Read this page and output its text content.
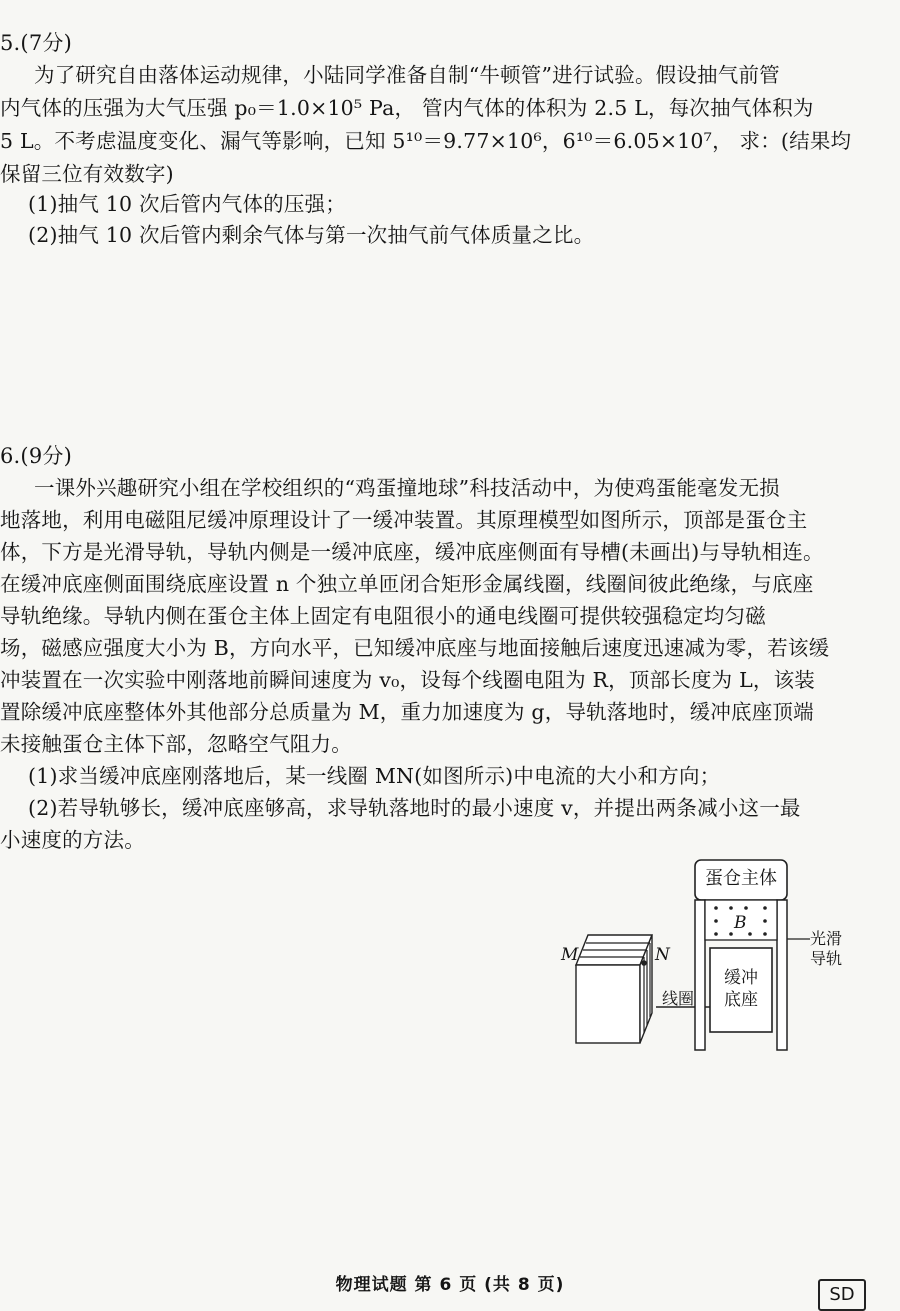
5.(7分)
为了研究自由落体运动规律，小陆同学准备自制“牛顿管”进行试验。假设抽气前管
内气体的压强为大气压强 p₀＝1.0×10⁵ Pa， 管内气体的体积为 2.5 L，每次抽气体积为
5 L。不考虑温度变化、漏气等影响，已知 5¹⁰＝9.77×10⁶，6¹⁰＝6.05×10⁷， 求：(结果均
保留三位有效数字)
(1)抽气 10 次后管内气体的压强；
(2)抽气 10 次后管内剩余气体与第一次抽气前气体质量之比。
6.(9分)
一课外兴趣研究小组在学校组织的“鸡蛋撞地球”科技活动中，为使鸡蛋能毫发无损
地落地，利用电磁阻尼缓冲原理设计了一缓冲装置。其原理模型如图所示，顶部是蛋仓主
体，下方是光滑导轨，导轨内侧是一缓冲底座，缓冲底座侧面有导槽(未画出)与导轨相连。
在缓冲底座侧面围绕底座设置 n 个独立单匝闭合矩形金属线圈，线圈间彼此绝缘，与底座
导轨绝缘。导轨内侧在蛋仓主体上固定有电阻很小的通电线圈可提供较强稳定均匀磁
场，磁感应强度大小为 B，方向水平，已知缓冲底座与地面接触后速度迅速减为零，若该缓
冲装置在一次实验中刚落地前瞬间速度为 v₀，设每个线圈电阻为 R，顶部长度为 L，该装
置除缓冲底座整体外其他部分总质量为 M，重力加速度为 g，导轨落地时，缓冲底座顶端
未接触蛋仓主体下部，忽略空气阻力。
(1)求当缓冲底座刚落地后，某一线圈 MN(如图所示)中电流的大小和方向；
(2)若导轨够长，缓冲底座够高，求导轨落地时的最小速度 v，并提出两条减小这一最
小速度的方法。
蛋仓主体
B
光滑
导轨
缓冲
底座
线圈
M	N
物理试题 第 6 页 (共 8 页)	SD
